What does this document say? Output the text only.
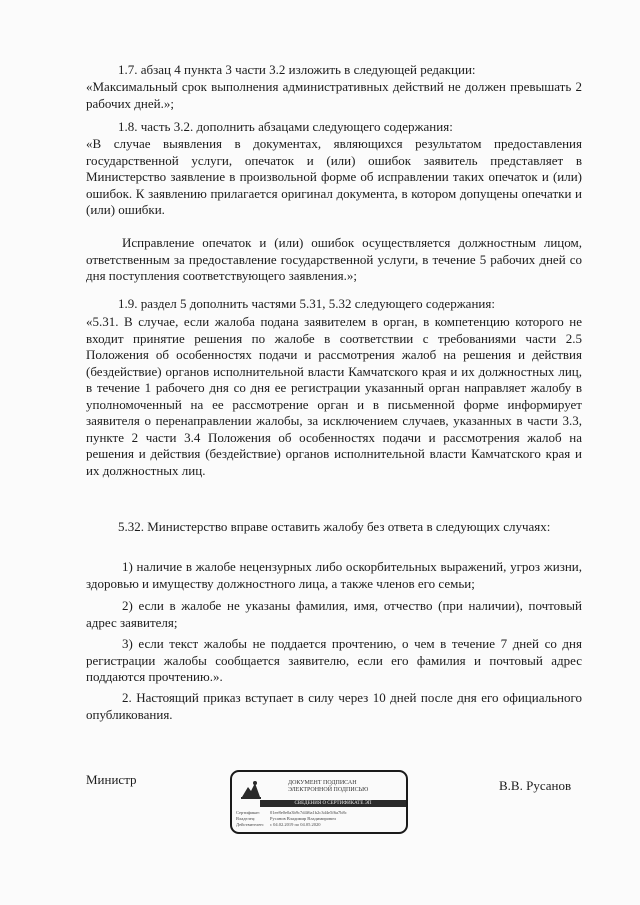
1.7. абзац 4 пункта 3 части 3.2 изложить в следующей редакции:

«Максимальный срок выполнения административных действий не должен превышать 2 рабочих дней.»;

1.8. часть 3.2. дополнить абзацами следующего содержания:

«В случае выявления в документах, являющихся результатом предоставления государственной услуги, опечаток и (или) ошибок заявитель представляет в Министерство заявление в произвольной форме об исправлении таких опечаток и (или) ошибок. К заявлению прилагается оригинал документа, в котором допущены опечатки и (или) ошибки.

Исправление опечаток и (или) ошибок осуществляется должностным лицом, ответственным за предоставление государственной услуги, в течение 5 рабочих дней со дня поступления соответствующего заявления.»;

1.9. раздел 5 дополнить частями 5.31, 5.32 следующего содержания:

«5.31. В случае, если жалоба подана заявителем в орган, в компетенцию которого не входит принятие решения по жалобе в соответствии с требованиями части 2.5 Положения об особенностях подачи и рассмотрения жалоб на решения и действия (бездействие) органов исполнительной власти Камчатского края и их должностных лиц, в течение 1 рабочего дня со дня ее регистрации указанный орган направляет жалобу в уполномоченный на ее рассмотрение орган и в письменной форме информирует заявителя о перенаправлении жалобы, за исключением случаев, указанных в части 3.3, пункте 2 части 3.4 Положения об особенностях подачи и рассмотрения жалоб на решения и действия (бездействие) органов исполнительной власти Камчатского края и их должностных лиц.

5.32. Министерство вправе оставить жалобу без ответа в следующих случаях:

1) наличие в жалобе нецензурных либо оскорбительных выражений, угроз жизни, здоровью и имуществу должностного лица, а также членов его семьи;

2) если в жалобе не указаны фамилия, имя, отчество (при наличии), почтовый адрес заявителя;

3) если текст жалобы не поддается прочтению, о чем в течение 7 дней со дня регистрации жалобы сообщается заявителю, если его фамилия и почтовый адрес поддаются прочтению.».

2. Настоящий приказ вступает в силу через 10 дней после дня его официального опубликования.

Министр	В.В. Русанов
ДОКУМЕНТ ПОДПИСАН
ЭЛЕКТРОННОЙ ПОДПИСЬЮ
СВЕДЕНИЯ О СЕРТИФИКАТЕ ЭП
Сертификат: 01ee8e0e0a3b9c7d4f6a1b2c3d4e5f6a7b8c
Владелец:	Русанов Владимир Владимирович
Действителен: с 04.02.2019 по 04.05.2020
